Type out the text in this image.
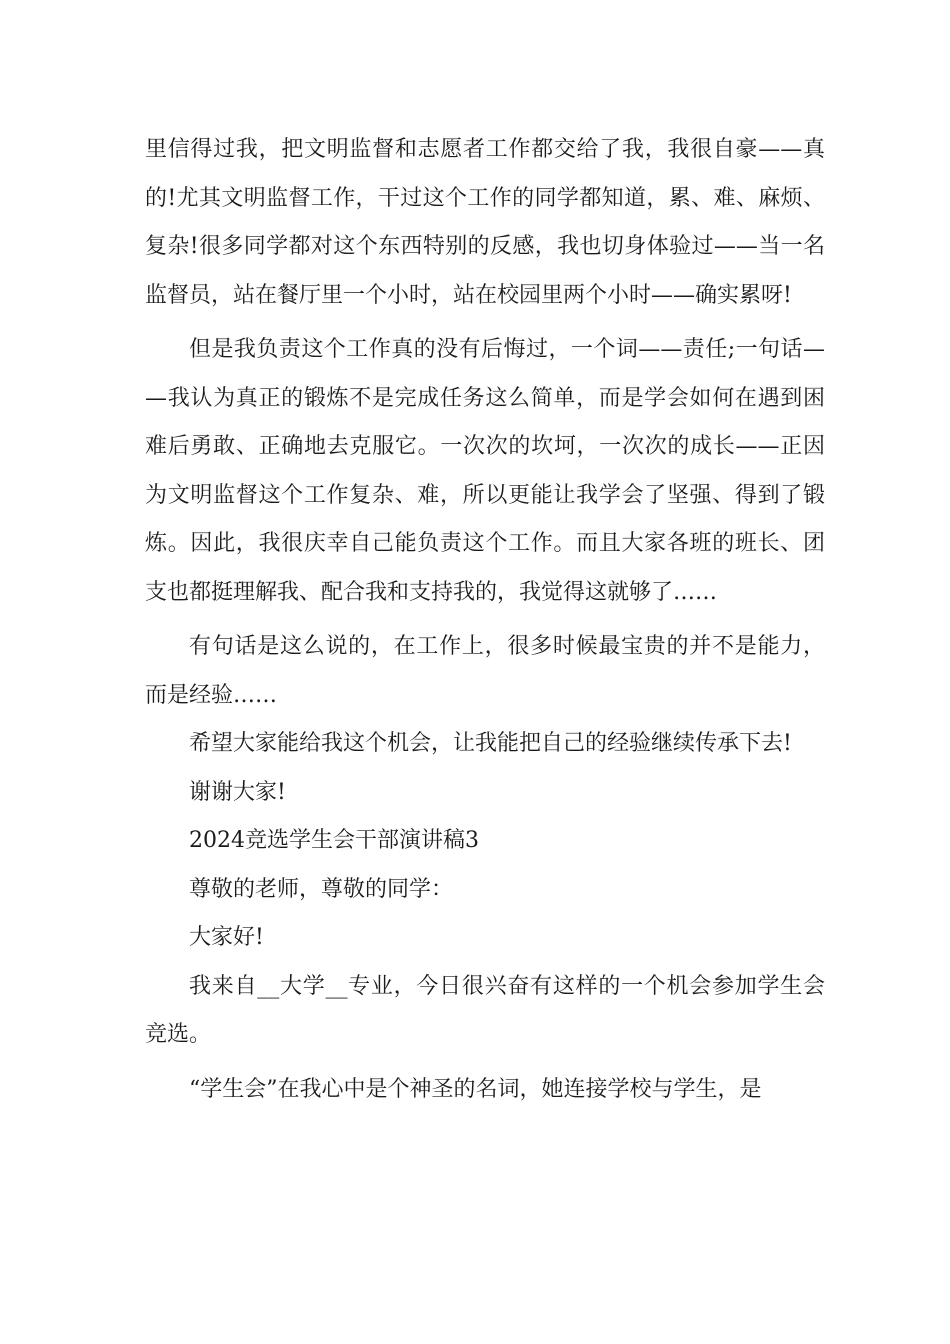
里信得过我，把文明监督和志愿者工作都交给了我，我很自豪——真的!尤其文明监督工作，干过这个工作的同学都知道，累、难、麻烦、复杂!很多同学都对这个东西特别的反感，我也切身体验过——当一名监督员，站在餐厅里一个小时，站在校园里两个小时——确实累呀!

但是我负责这个工作真的没有后悔过，一个词——责任;一句话——我认为真正的锻炼不是完成任务这么简单，而是学会如何在遇到困难后勇敢、正确地去克服它。一次次的坎坷，一次次的成长——正因为文明监督这个工作复杂、难，所以更能让我学会了坚强、得到了锻炼。因此，我很庆幸自己能负责这个工作。而且大家各班的班长、团支也都挺理解我、配合我和支持我的，我觉得这就够了……

有句话是这么说的，在工作上，很多时候最宝贵的并不是能力，而是经验……

希望大家能给我这个机会，让我能把自己的经验继续传承下去!

谢谢大家!

2024竞选学生会干部演讲稿3

尊敬的老师，尊敬的同学：

大家好!

我来自__大学__专业，今日很兴奋有这样的一个机会参加学生会竞选。

“学生会”在我心中是个神圣的名词，她连接学校与学生，是
